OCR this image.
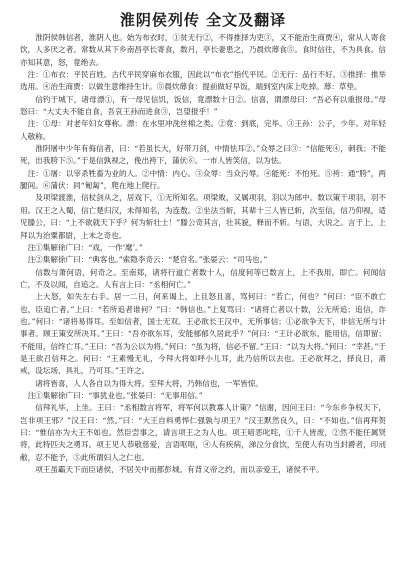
淮阴侯列传 全文及翻译

淮阴侯韩信者，淮阴人也。始为布衣时，①贫无行②，不得推择为吏③，又不能治生商贾④，常从人寄食饮，人多厌之者。常数从其下乡南昌亭长寄食，数月，亭长妻患之，乃晨炊蓐食⑤。食时信往，不为具食。信亦知其意，怒，竟绝去。

注：①布衣：平民百姓。古代平民穿麻布衣服，因此以“布衣”指代平民。②无行：品行不好。③推择：推举选用。④治生商贾：以做生意维持生计。⑤晨炊蓐食：提前做好早饭，端到室内床上吃掉。蓐：草垫。

信钓于城下，诸母漂①，有一母见信饥，饭信，竟漂数十日②。信喜，谓漂母曰：“吾必有以重报母。”母怒曰：“大丈夫不能自食，吾哀王孙而进食③，岂望报乎！”

注：①母：对老年妇女尊称。漂：在水里冲洗丝棉之类。②竟：到底，完毕。③王孙：公子，少年。对年轻人敬称。

淮阴屠中少年有侮信者，曰：“若虽长大，好带刀剑，中情怯耳②。”众辱之曰③：“信能死④，刺我；不能死，出我胯下⑤。”于是信孰视之，俛出袴下，蒲伏⑥。一市人皆笑信，以为怯。

注：①屠：以宰杀牲畜为业的人。②中情：内心。③众辱：当众污辱。④能死：不怕死。⑤袴：通“胯”，两腿间。⑥蒲伏：同“匍匐”，爬在地上爬行。

及项梁渡淮，信杖剑从之，居戏下，①无所知名。项梁败，又属项羽，羽以为郎中。数以策干项羽，羽不用。汉王之入蜀，信亡楚归汉，未得知名，为连敖。②坐法当斩，其辈十三人皆已斩，次至信，信乃仰视，适见滕公，曰：“上不欲就天下乎？何为斩壮士！”滕公奇其言，壮其貌，释而不斩。与语，大说之。言于上，上拜以为治粟都尉，上未之奇也。

注①集解徐广曰：“戏，一作‘麾’。”

注②集解徐广曰：“典客也。”索隐李奇云：“楚官名。”张晏云：“司马也。”

信数与萧何语，何奇之。至南郑，诸将行道亡者数十人，信度何等已数言上，上不我用，即亡。何闻信亡，不及以闻，自追之。人有言上曰：“丞相何亡。”

上大怒，如失左右手。居一二日，何来谒上，上且怒且喜，骂何曰：“若亡，何也？”何曰：“臣不敢亡也，臣追亡者。”上曰：“若所追者谁何？”曰：“韩信也。”上复骂曰：“诸将亡者以十数，公无所追；追信，诈也。”何曰：“诸将易得耳。至如信者，国士无双。王必欲长王汉中，无所事信；①必欲争天下，非信无所与计事者。顾王策安所决耳。”王曰：“吾亦欲东耳，安能郁郁久居此乎？”何曰：“王计必欲东，能用信，信即留；不能用，信终亡耳。”王曰：“吾为公以为将。”何曰：“虽为将，信必不留。”王曰：“以为大将。”何曰：“幸甚。”于是王欲召信拜之。何曰：“王素慢无礼，今拜大将如呼小儿耳，此乃信所以去也。王必欲拜之，择良日，斋戒，设坛场，具礼，乃可耳。”王许之。

诸将皆喜，人人各自以为得大将。至拜大将，乃韩信也，一军皆惊。

注①集解徐广曰：“事犹业也。”张晏曰：“无事用信。”

信拜礼毕，上坐。王曰：“丞相数言将军，将军何以教寡人计策？”信谢，因问王曰：“今东乡争权天下，岂非项王邪？”汉王曰：“然。”曰：“大王自料勇悍仁强孰与项王？”汉王默然良久，曰：“不如也。”信再拜贺曰：“惟信亦为大王不如也。然臣尝事之，请言项王之为人也。项王喑恶叱咤，①千人皆废，②然不能任属贤将，此特匹夫之勇耳。项王见人恭敬慈爱，言语呕呕，④人有疾病，涕泣分食饮，至使人有功当封爵者，印刓敝，忍不能予，⑤此所谓妇人之仁也。

项王虽霸天下而臣诸侯，不居关中而都彭城。有背义帝之约，而以亲爱王，诸侯不平。
